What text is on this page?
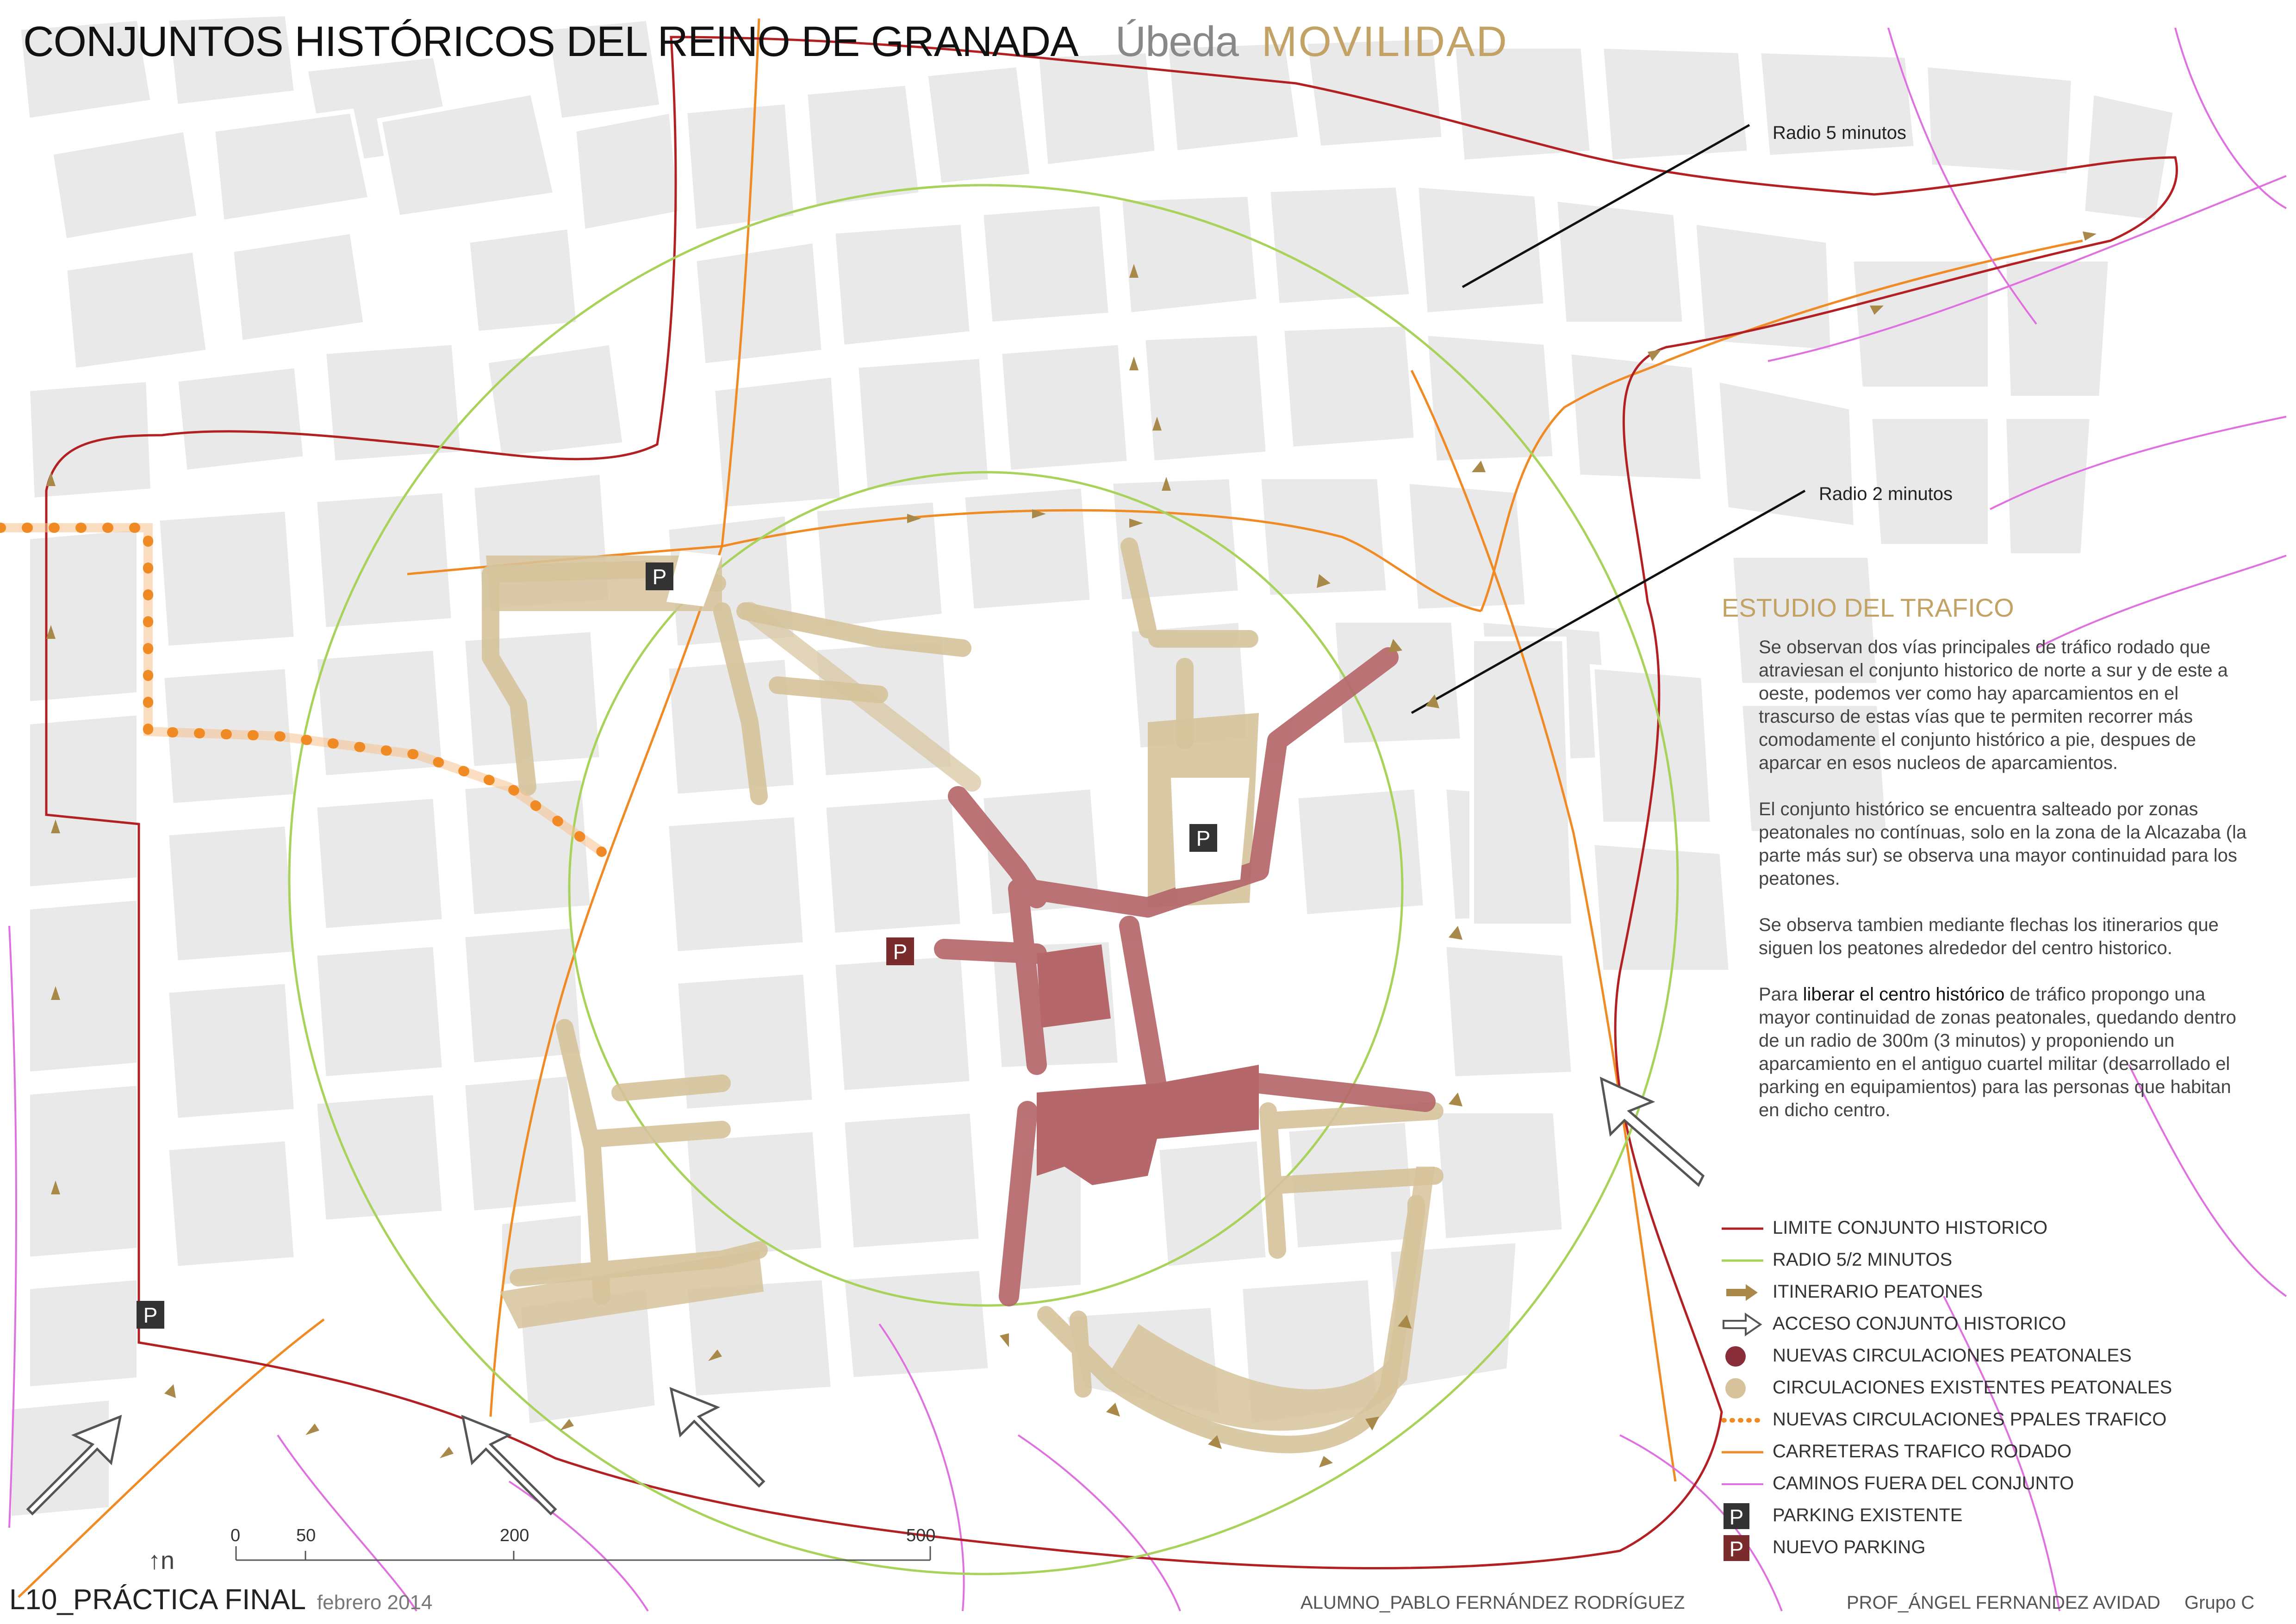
P
P
P
P
CONJUNTOS HISTÓRICOS DEL REINO DE GRANADA Úbeda MOVILIDAD
Radio 5 minutos
Radio 2 minutos
ESTUDIO DEL TRAFICO

Se observan dos vías principales de tráfico rodado que atraviesan el conjunto historico de norte a sur y de este a oeste, podemos ver como hay aparcamientos en el trascurso de estas vías que te permiten recorrer más comodamente el conjunto histórico a pie, despues de aparcar en esos nucleos de aparcamientos.

El conjunto histórico se encuentra salteado por zonas peatonales no contínuas, solo en la zona de la Alcazaba (la parte más sur) se observa una mayor continuidad para los peatones.

Se observa tambien mediante flechas los itinerarios que siguen los peatones alrededor del centro historico.

Para liberar el centro histórico de tráfico propongo una mayor continuidad de zonas peatonales, quedando dentro de un radio de 300m (3 minutos) y proponiendo un aparcamiento en el antiguo cuartel militar (desarrollado el parking en equipamientos) para las personas que habitan en dicho centro.

LIMITE CONJUNTO HISTORICO
RADIO 5/2 MINUTOS
ITINERARIO PEATONES
ACCESO CONJUNTO HISTORICO
NUEVAS CIRCULACIONES PEATONALES
CIRCULACIONES EXISTENTES PEATONALES
NUEVAS CIRCULACIONES PPALES TRAFICO
CARRETERAS TRAFICO RODADO
CAMINOS FUERA DEL CONJUNTO
P PARKING EXISTENTE
P NUEVO PARKING
↑n
0	50	200	500
L10_PRÁCTICA FINAL febrero 2014	ALUMNO_PABLO FERNÁNDEZ RODRÍGUEZ	PROF_ÁNGEL FERNANDEZ AVIDAD Grupo C
